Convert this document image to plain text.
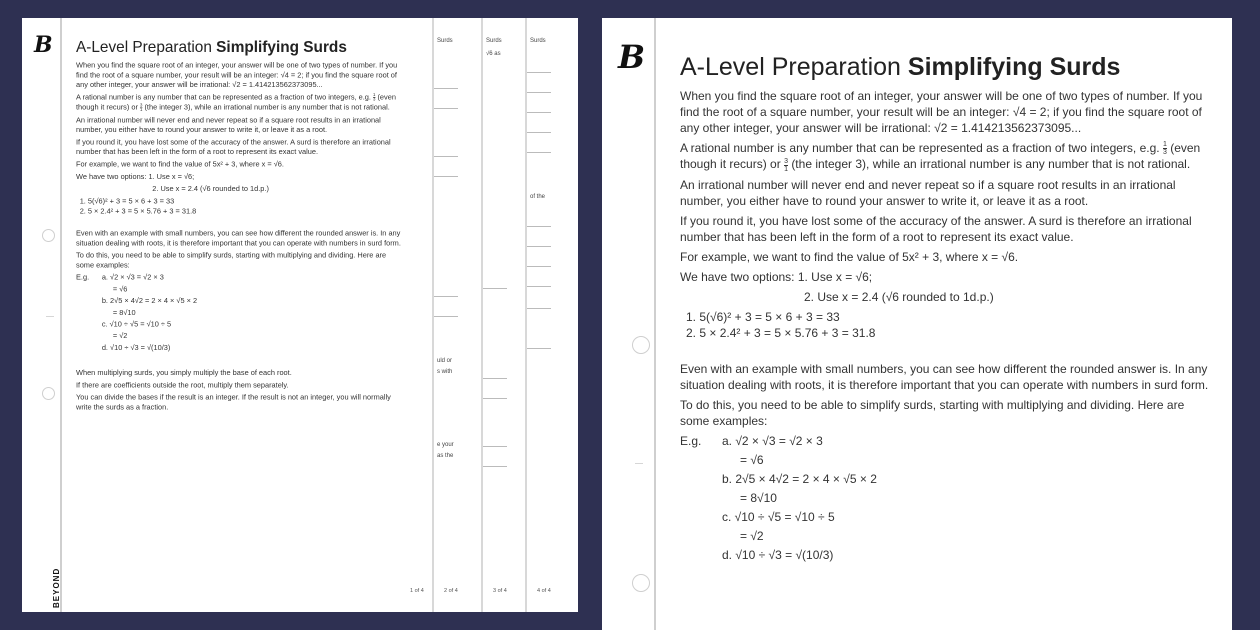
B
BEYOND
A-Level Preparation Simplifying Surds

When you find the square root of an integer, your answer will be one of two types of number. If you find the root of a square number, your result will be an integer: √4 = 2; if you find the square root of any other integer, your answer will be irrational: √2 = 1.414213562373095...

A rational number is any number that can be represented as a fraction of two integers, e.g. $\frac{1}{3}$ (even though it recurs) or $\frac{3}{1} (the$ integer 3), while an irrational number is any number that is not rational.

An irrational number will never end and never repeat so if a square root results in an irrational number, you either have to round your answer to write it, or leave it as a root.

If you round it, you have lost some of the accuracy of the answer. A surd is therefore an irrational number that has been left in the form of a root to represent its exact value.

For example, we want to find the value of 5x² + 3, where x = √6.

We have two options: 1. Use x = √6;

2. Use x = 2.4 (√6 rounded to 1d.p.)

1. 5(√6)² + 3 = 5 × 6 + 3 = 33
2. 5 × 2.4² + 3 = 5 × 5.76 + 3 = 31.8

Even with an example with small numbers, you can see how different the rounded answer is. In any situation dealing with roots, it is therefore important that you can operate with numbers in surd form.

To do this, you need to be able to simplify surds, starting with multiplying and dividing. Here are some examples:

E.g.	a. √2 × √3 = √2 × 3
= √6
b. 2√5 × 4√2 = 2 × 4 × √5 × 2
= 8√10
c. √10 ÷ √5 = √10 ÷ 5
= √2
d. √10 ÷ √3 = √(10/3)

When multiplying surds, you simply multiply the base of each root.

If there are coefficients outside the root, multiply them separately.

You can divide the bases if the result is an integer. If the result is not an integer, you will normally write the surds as a fraction.

1 of 4
Surds
uld or
s with
e your
as the
2 of 4
Surds
√6 as
3 of 4
Surds
of the
4 of 4
B A-Level Preparation Simplifying Surds

When you find the square root of an integer, your answer will be one of two types of number. If you find the root of a square number, your result will be an integer: √4 = 2; if you find the square root of any other integer, your answer will be irrational: √2 = 1.414213562373095...

A rational number is any number that can be represented as a fraction of two integers, e.g. $\frac{1}{3}$ (even though it recurs) or $\frac{3}{1} (the$ integer 3), while an irrational number is any number that is not rational.

An irrational number will never end and never repeat so if a square root results in an irrational number, you either have to round your answer to write it, or leave it as a root.

If you round it, you have lost some of the accuracy of the answer. A surd is therefore an irrational number that has been left in the form of a root to represent its exact value.

For example, we want to find the value of 5x² + 3, where x = √6.

We have two options: 1. Use x = √6;

2. Use x = 2.4 (√6 rounded to 1d.p.)

1. 5(√6)² + 3 = 5 × 6 + 3 = 33
2. 5 × 2.4² + 3 = 5 × 5.76 + 3 = 31.8

Even with an example with small numbers, you can see how different the rounded answer is. In any situation dealing with roots, it is therefore important that you can operate with numbers in surd form.

To do this, you need to be able to simplify surds, starting with multiplying and dividing. Here are some examples:

E.g.	a. √2 × √3 = √2 × 3
= √6
b. 2√5 × 4√2 = 2 × 4 × √5 × 2
= 8√10
c. √10 ÷ √5 = √10 ÷ 5
= √2
d. √10 ÷ √3 = √(10/3)
